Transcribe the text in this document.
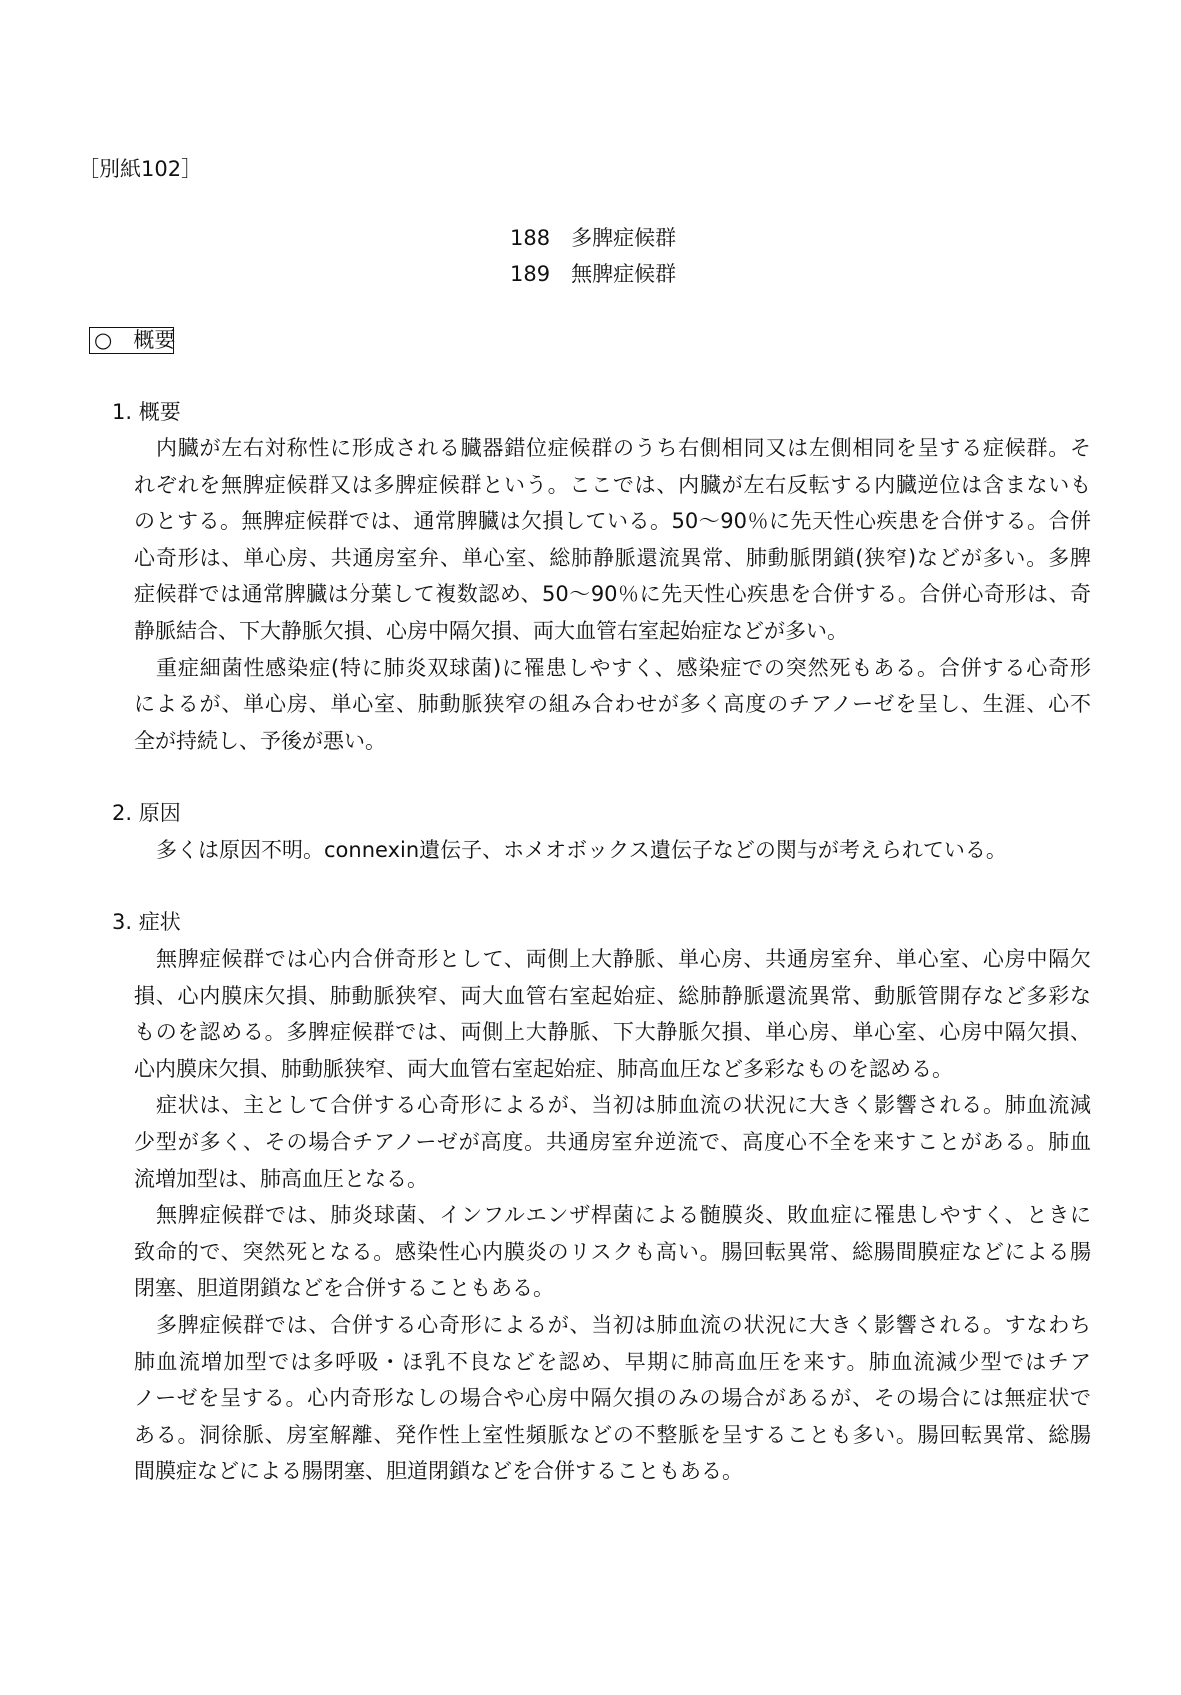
［別紙102］
188　多脾症候群
189　無脾症候群
○　概要
1. 概要
内臓が左右対称性に形成される臓器錯位症候群のうち右側相同又は左側相同を呈する症候群。そ
れぞれを無脾症候群又は多脾症候群という。ここでは、内臓が左右反転する内臓逆位は含まないも
のとする。無脾症候群では、通常脾臓は欠損している。50～90％に先天性心疾患を合併する。合併
心奇形は、単心房、共通房室弁、単心室、総肺静脈還流異常、肺動脈閉鎖(狭窄)などが多い。多脾
症候群では通常脾臓は分葉して複数認め、50～90％に先天性心疾患を合併する。合併心奇形は、奇
静脈結合、下大静脈欠損、心房中隔欠損、両大血管右室起始症などが多い。
重症細菌性感染症(特に肺炎双球菌)に罹患しやすく、感染症での突然死もある。合併する心奇形
によるが、単心房、単心室、肺動脈狭窄の組み合わせが多く高度のチアノーゼを呈し、生涯、心不
全が持続し、予後が悪い。
2. 原因
多くは原因不明。connexin遺伝子、ホメオボックス遺伝子などの関与が考えられている。
3. 症状
無脾症候群では心内合併奇形として、両側上大静脈、単心房、共通房室弁、単心室、心房中隔欠
損、心内膜床欠損、肺動脈狭窄、両大血管右室起始症、総肺静脈還流異常、動脈管開存など多彩な
ものを認める。多脾症候群では、両側上大静脈、下大静脈欠損、単心房、単心室、心房中隔欠損、
心内膜床欠損、肺動脈狭窄、両大血管右室起始症、肺高血圧など多彩なものを認める。
症状は、主として合併する心奇形によるが、当初は肺血流の状況に大きく影響される。肺血流減
少型が多く、その場合チアノーゼが高度。共通房室弁逆流で、高度心不全を来すことがある。肺血
流増加型は、肺高血圧となる。
無脾症候群では、肺炎球菌、インフルエンザ桿菌による髄膜炎、敗血症に罹患しやすく、ときに
致命的で、突然死となる。感染性心内膜炎のリスクも高い。腸回転異常、総腸間膜症などによる腸
閉塞、胆道閉鎖などを合併することもある。
多脾症候群では、合併する心奇形によるが、当初は肺血流の状況に大きく影響される。すなわち
肺血流増加型では多呼吸・ほ乳不良などを認め、早期に肺高血圧を来す。肺血流減少型ではチア
ノーゼを呈する。心内奇形なしの場合や心房中隔欠損のみの場合があるが、その場合には無症状で
ある。洞徐脈、房室解離、発作性上室性頻脈などの不整脈を呈することも多い。腸回転異常、総腸
間膜症などによる腸閉塞、胆道閉鎖などを合併することもある。
